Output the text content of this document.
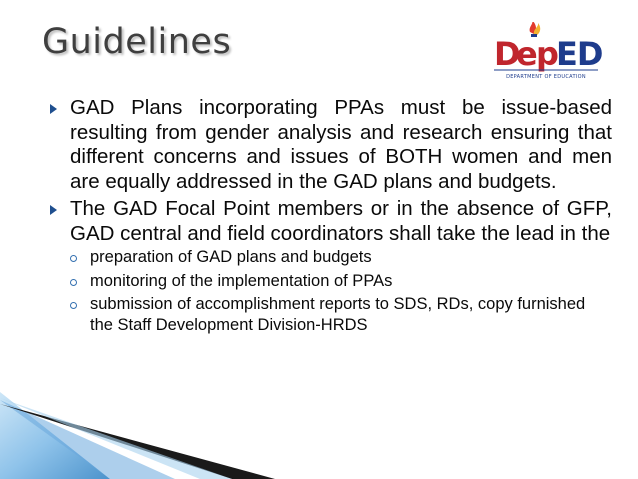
Guidelines	D
e p
ED
DEPARTMENT OF EDUCATION
GAD Plans incorporating PPAs must be issue-based resulting from gender analysis and research ensuring that different concerns and issues of BOTH women and men are equally addressed in the GAD plans and budgets.
The GAD Focal Point members or in the absence of GFP, GAD central and field coordinators shall take the lead in the
preparation of GAD plans and budgets
monitoring of the implementation of PPAs
submission of accomplishment reports to SDS, RDs, copy furnished the Staff Development Division-HRDS
